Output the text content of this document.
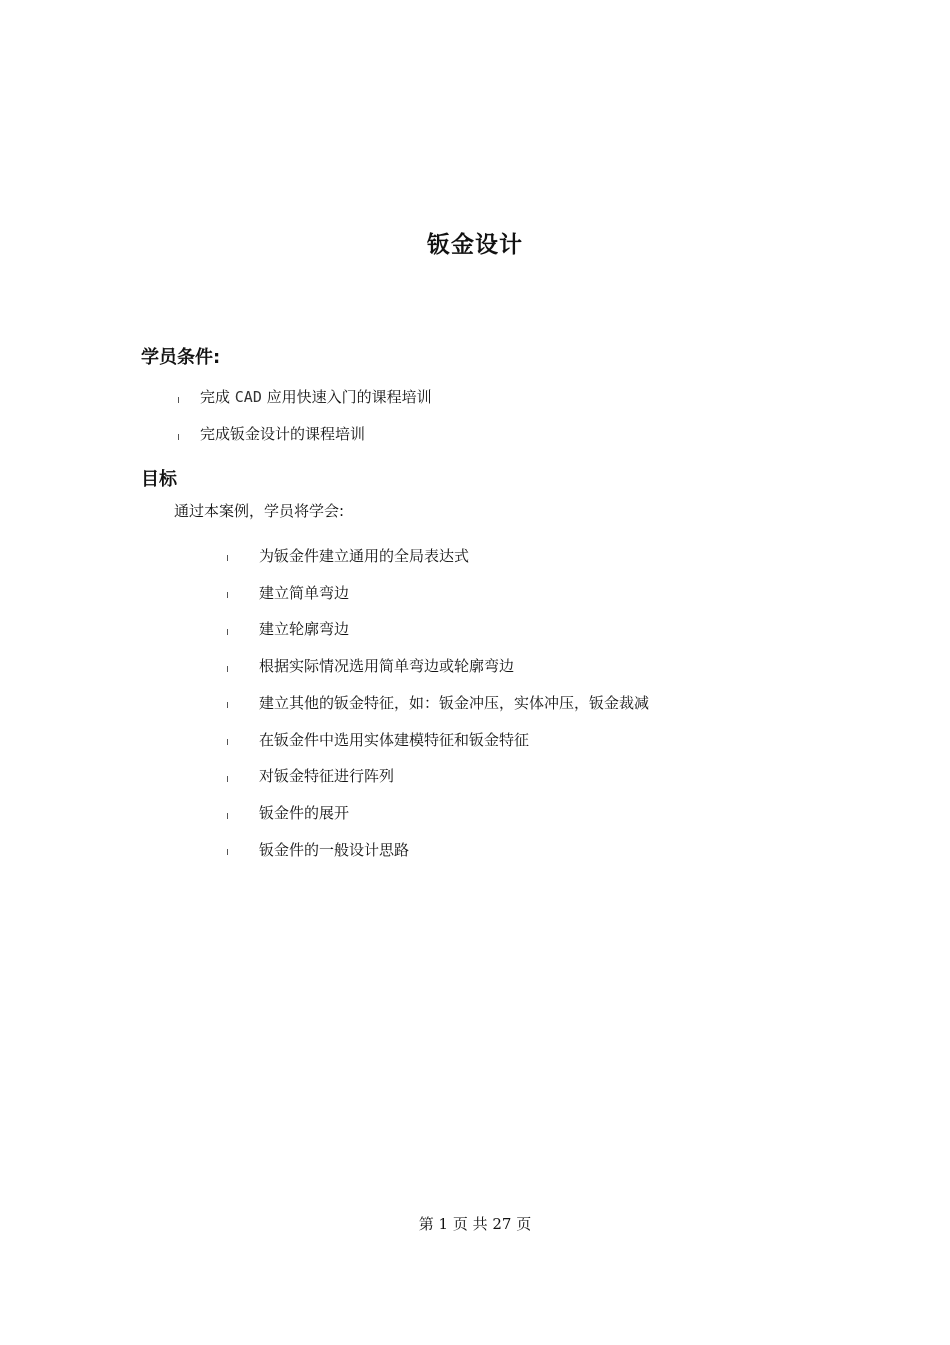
钣金设计
学员条件:
完成 CAD 应用快速入门的课程培训
完成钣金设计的课程培训
目标

通过本案例，学员将学会:

为钣金件建立通用的全局表达式
建立简单弯边
建立轮廓弯边
根据实际情况选用简单弯边或轮廓弯边
建立其他的钣金特征，如：钣金冲压，实体冲压，钣金裁减
在钣金件中选用实体建模特征和钣金特征
对钣金特征进行阵列
钣金件的展开
钣金件的一般设计思路

第 1 页 共 27 页
